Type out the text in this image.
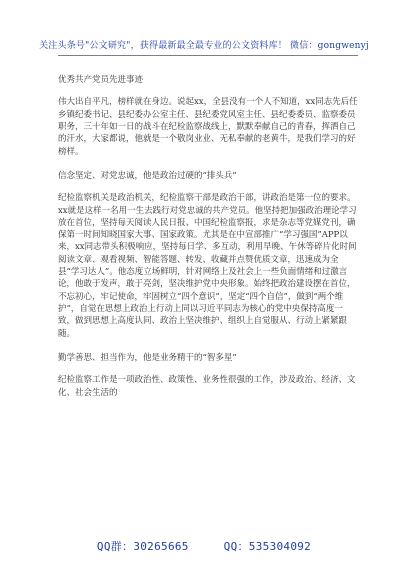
关注头条号"公文研究"，获得最新最全最专业的公文资料库！ 微信：gongwenyj

优秀共产党员先进事迹

伟大出自平凡，榜样就在身边。说起xx，全县没有一个人不知道，xx同志先后任乡镇纪委书记、县纪委办公室主任、县纪委党风室主任、县纪委委员、监察委员职务，三十年如一日的战斗在纪检监察战线上，默默奉献自己的青春，挥洒自己的汗水，大家都说，他就是一个敬岗业业、无私奉献的老黄牛，是我们学习的好榜样。

信念坚定、对党忠诚，他是政治过硬的“排头兵”

纪检监察机关是政治机关，纪检监察干部是政治干部，讲政治是第一位的要求。xx就是这样一名用一生去践行对党忠诚的共产党员。他坚持把加强政治理论学习放在首位，坚持每天阅读人民日报、中国纪检监察报，求是杂志等党媒党刊，确保第一时间知晓国家大事、国家政策。尤其是在中宣部推广“学习强国”APP以来，xx同志带头积极响应，坚持每日学、多互动，利用早晚、午休等碎片化时间阅读文章、观看视频、智能答题、转发、收藏并点赞优质文章，迅速成为全县“学习达人”。他态度立场鲜明，针对网络上及社会上一些负面情绪和过激言论，他敢于发声，敢于亮剑，坚决维护党中央形象。始终把政治建设摆在首位，不忘初心，牢记使命，牢固树立“四个意识”，坚定“四个自信”，做到“两个维护”，自觉在思想上政治上行动上同以习近平同志为核心的党中央保持高度一致，做到思想上高度认同、政治上坚决维护、组织上自觉服从、行动上紧紧跟随。

勤学善思、担当作为，他是业务精干的“智多星”

纪检监察工作是一项政治性、政策性、业务性很强的工作，涉及政治、经济、文化、社会生活的

QQ群：30265665	QQ：535304092
